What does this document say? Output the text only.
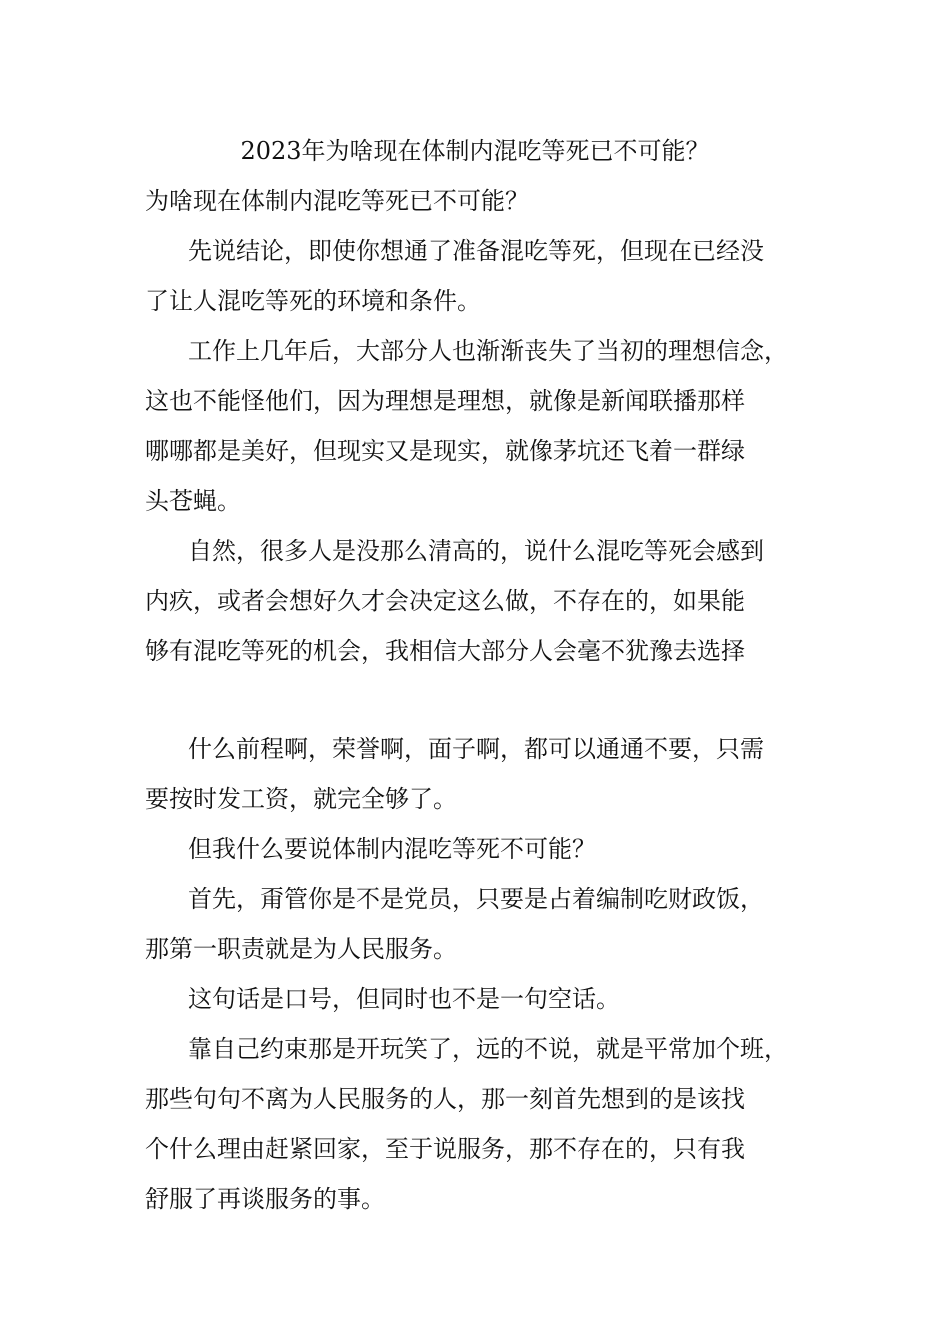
2023年为啥现在体制内混吃等死已不可能？
为啥现在体制内混吃等死已不可能？
先说结论，即使你想通了准备混吃等死，但现在已经没
了让人混吃等死的环境和条件。
工作上几年后，大部分人也渐渐丧失了当初的理想信念，
这也不能怪他们，因为理想是理想，就像是新闻联播那样
哪哪都是美好，但现实又是现实，就像茅坑还飞着一群绿
头苍蝇。
自然，很多人是没那么清高的，说什么混吃等死会感到
内疚，或者会想好久才会决定这么做，不存在的，如果能
够有混吃等死的机会，我相信大部分人会毫不犹豫去选择
什么前程啊，荣誉啊，面子啊，都可以通通不要，只需
要按时发工资，就完全够了。
但我什么要说体制内混吃等死不可能？
首先，甭管你是不是党员，只要是占着编制吃财政饭，
那第一职责就是为人民服务。
这句话是口号，但同时也不是一句空话。
靠自己约束那是开玩笑了，远的不说，就是平常加个班，
那些句句不离为人民服务的人，那一刻首先想到的是该找
个什么理由赶紧回家，至于说服务，那不存在的，只有我
舒服了再谈服务的事。
